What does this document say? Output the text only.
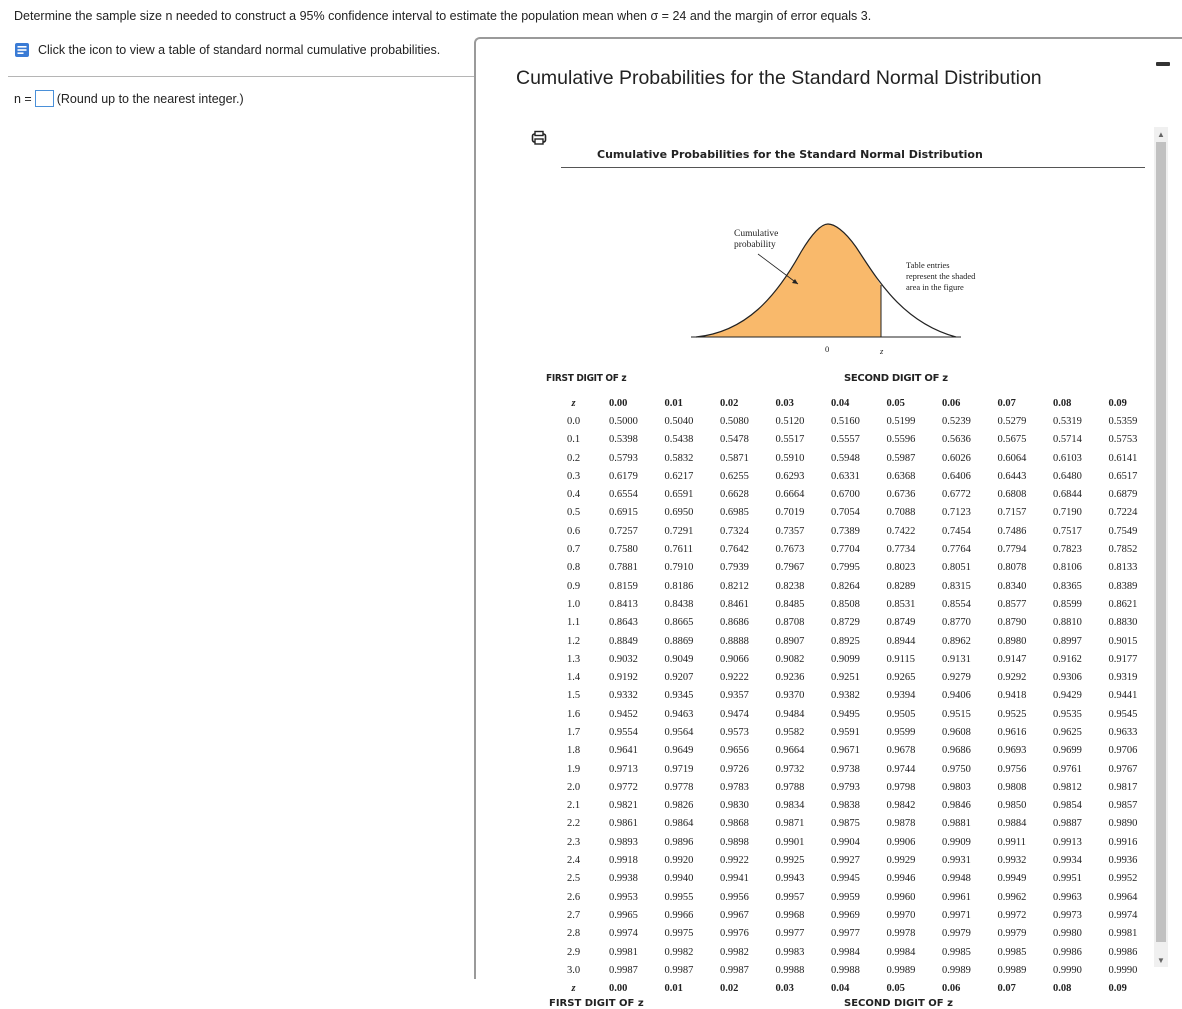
Determine the sample size n needed to construct a 95% confidence interval to estimate the population mean when σ = 24 and the margin of error equals 3.
Click the icon to view a table of standard normal cumulative probabilities.
n = (Round up to the nearest integer.)
Cumulative Probabilities for the Standard Normal Distribution
Cumulative Probabilities for the Standard Normal Distribution
Cumulative
probability
Table entries
represent the shaded
area in the figure
0	z
FIRST DIGIT OF z	SECOND DIGIT OF z
z	0.00	0.01	0.02	0.03	0.04	0.05	0.06	0.07	0.08	0.09
0.0	0.5000	0.5040	0.5080	0.5120	0.5160	0.5199	0.5239	0.5279	0.5319	0.5359
0.1	0.5398	0.5438	0.5478	0.5517	0.5557	0.5596	0.5636	0.5675	0.5714	0.5753
0.2	0.5793	0.5832	0.5871	0.5910	0.5948	0.5987	0.6026	0.6064	0.6103	0.6141
0.3	0.6179	0.6217	0.6255	0.6293	0.6331	0.6368	0.6406	0.6443	0.6480	0.6517
0.4	0.6554	0.6591	0.6628	0.6664	0.6700	0.6736	0.6772	0.6808	0.6844	0.6879
0.5	0.6915	0.6950	0.6985	0.7019	0.7054	0.7088	0.7123	0.7157	0.7190	0.7224
0.6	0.7257	0.7291	0.7324	0.7357	0.7389	0.7422	0.7454	0.7486	0.7517	0.7549
0.7	0.7580	0.7611	0.7642	0.7673	0.7704	0.7734	0.7764	0.7794	0.7823	0.7852
0.8	0.7881	0.7910	0.7939	0.7967	0.7995	0.8023	0.8051	0.8078	0.8106	0.8133
0.9	0.8159	0.8186	0.8212	0.8238	0.8264	0.8289	0.8315	0.8340	0.8365	0.8389
1.0	0.8413	0.8438	0.8461	0.8485	0.8508	0.8531	0.8554	0.8577	0.8599	0.8621
1.1	0.8643	0.8665	0.8686	0.8708	0.8729	0.8749	0.8770	0.8790	0.8810	0.8830
1.2	0.8849	0.8869	0.8888	0.8907	0.8925	0.8944	0.8962	0.8980	0.8997	0.9015
1.3	0.9032	0.9049	0.9066	0.9082	0.9099	0.9115	0.9131	0.9147	0.9162	0.9177
1.4	0.9192	0.9207	0.9222	0.9236	0.9251	0.9265	0.9279	0.9292	0.9306	0.9319
1.5	0.9332	0.9345	0.9357	0.9370	0.9382	0.9394	0.9406	0.9418	0.9429	0.9441
1.6	0.9452	0.9463	0.9474	0.9484	0.9495	0.9505	0.9515	0.9525	0.9535	0.9545
1.7	0.9554	0.9564	0.9573	0.9582	0.9591	0.9599	0.9608	0.9616	0.9625	0.9633
1.8	0.9641	0.9649	0.9656	0.9664	0.9671	0.9678	0.9686	0.9693	0.9699	0.9706
1.9	0.9713	0.9719	0.9726	0.9732	0.9738	0.9744	0.9750	0.9756	0.9761	0.9767
2.0	0.9772	0.9778	0.9783	0.9788	0.9793	0.9798	0.9803	0.9808	0.9812	0.9817
2.1	0.9821	0.9826	0.9830	0.9834	0.9838	0.9842	0.9846	0.9850	0.9854	0.9857
2.2	0.9861	0.9864	0.9868	0.9871	0.9875	0.9878	0.9881	0.9884	0.9887	0.9890
2.3	0.9893	0.9896	0.9898	0.9901	0.9904	0.9906	0.9909	0.9911	0.9913	0.9916
2.4	0.9918	0.9920	0.9922	0.9925	0.9927	0.9929	0.9931	0.9932	0.9934	0.9936
2.5	0.9938	0.9940	0.9941	0.9943	0.9945	0.9946	0.9948	0.9949	0.9951	0.9952
2.6	0.9953	0.9955	0.9956	0.9957	0.9959	0.9960	0.9961	0.9962	0.9963	0.9964
2.7	0.9965	0.9966	0.9967	0.9968	0.9969	0.9970	0.9971	0.9972	0.9973	0.9974
2.8	0.9974	0.9975	0.9976	0.9977	0.9977	0.9978	0.9979	0.9979	0.9980	0.9981
2.9	0.9981	0.9982	0.9982	0.9983	0.9984	0.9984	0.9985	0.9985	0.9986	0.9986
3.0	0.9987	0.9987	0.9987	0.9988	0.9988	0.9989	0.9989	0.9989	0.9990	0.9990
z	0.00	0.01	0.02	0.03	0.04	0.05	0.06	0.07	0.08	0.09
FIRST DIGIT OF z	SECOND DIGIT OF z
▲
▼
